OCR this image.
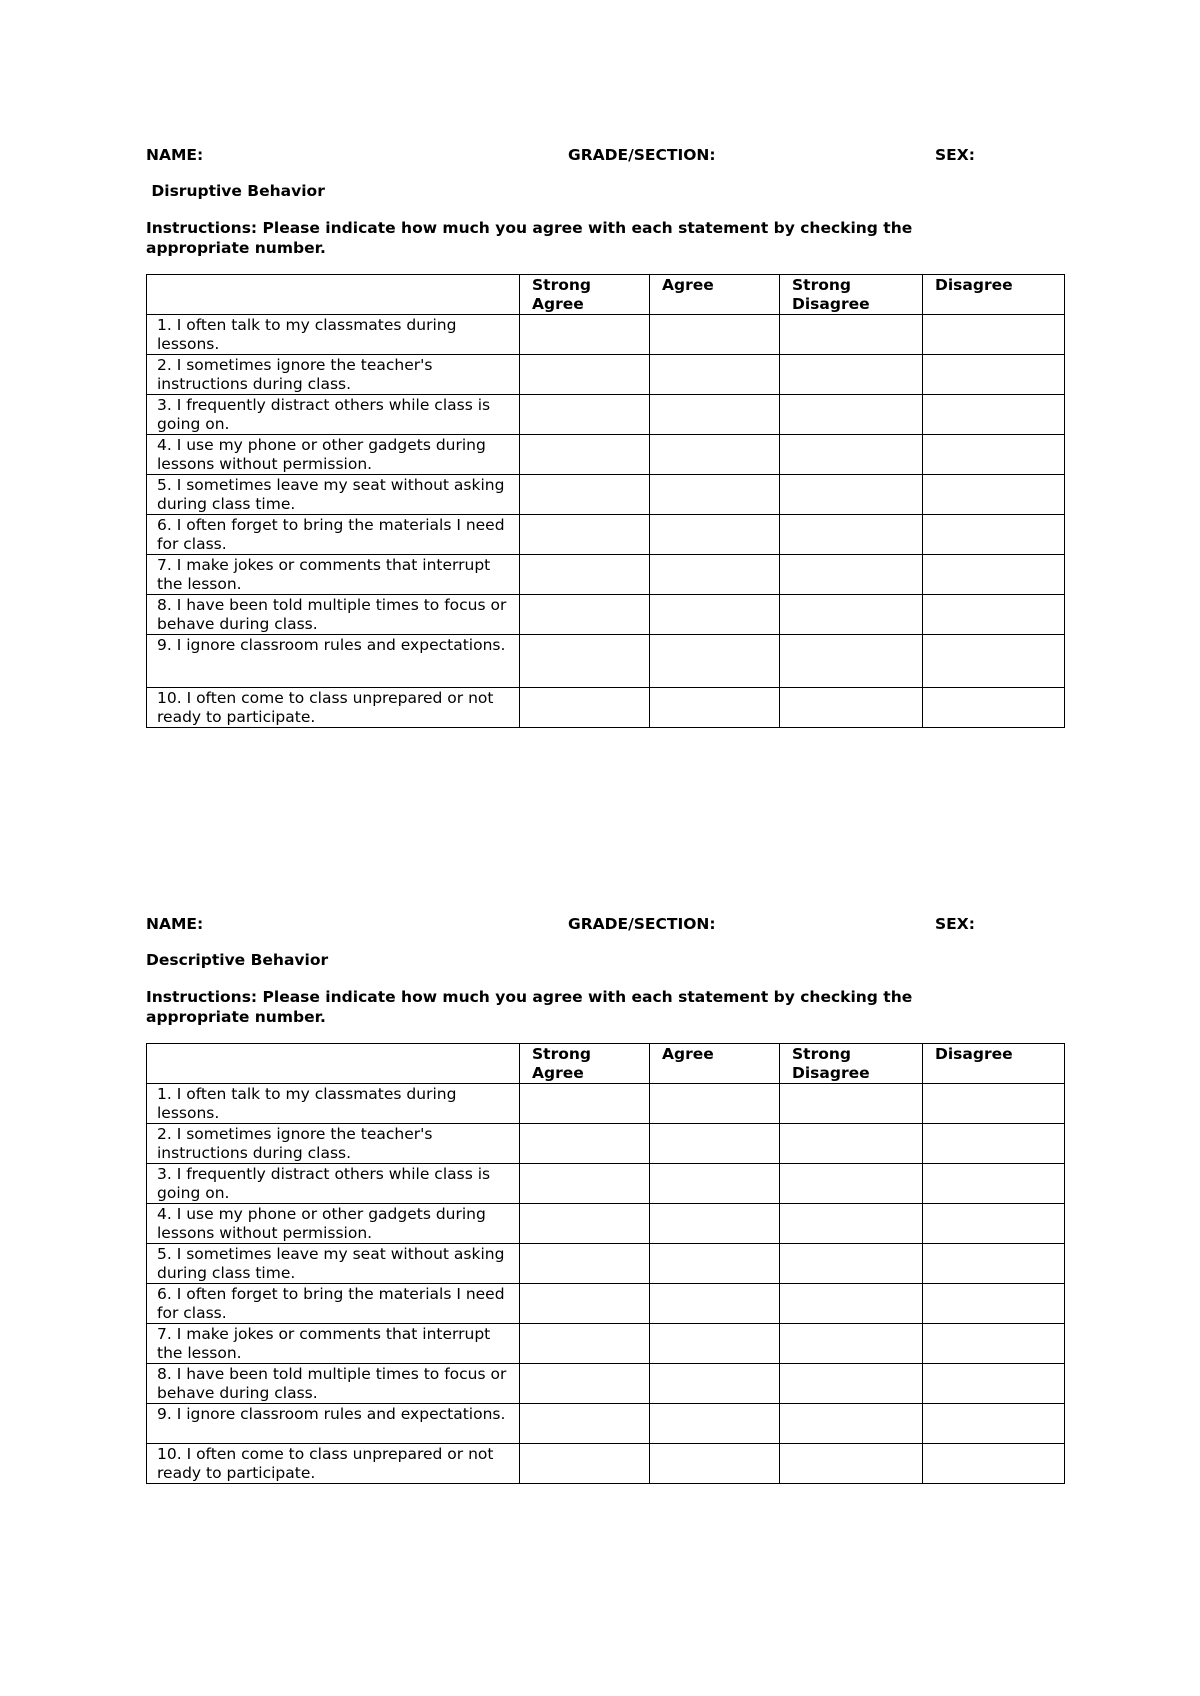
NAME:	GRADE/SECTION:	SEX:
Disruptive Behavior
Instructions: Please indicate how much you agree with each statement by checking the appropriate number.
	Strong Agree	Agree	Strong Disagree	Disagree
1. I often talk to my classmates during lessons.				
2. I sometimes ignore the teacher's instructions during class.				
3. I frequently distract others while class is going on.				
4. I use my phone or other gadgets during lessons without permission.				
5. I sometimes leave my seat without asking during class time.				
6. I often forget to bring the materials I need for class.				
7. I make jokes or comments that interrupt the lesson.				
8. I have been told multiple times to focus or behave during class.				
9. I ignore classroom rules and expectations.				
10. I often come to class unprepared or not ready to participate.				
NAME:	GRADE/SECTION:	SEX:
Descriptive Behavior
Instructions: Please indicate how much you agree with each statement by checking the appropriate number.
	Strong Agree	Agree	Strong Disagree	Disagree
1. I often talk to my classmates during lessons.				
2. I sometimes ignore the teacher's instructions during class.				
3. I frequently distract others while class is going on.				
4. I use my phone or other gadgets during lessons without permission.				
5. I sometimes leave my seat without asking during class time.				
6. I often forget to bring the materials I need for class.				
7. I make jokes or comments that interrupt the lesson.				
8. I have been told multiple times to focus or behave during class.				
9. I ignore classroom rules and expectations.				
10. I often come to class unprepared or not ready to participate.				
